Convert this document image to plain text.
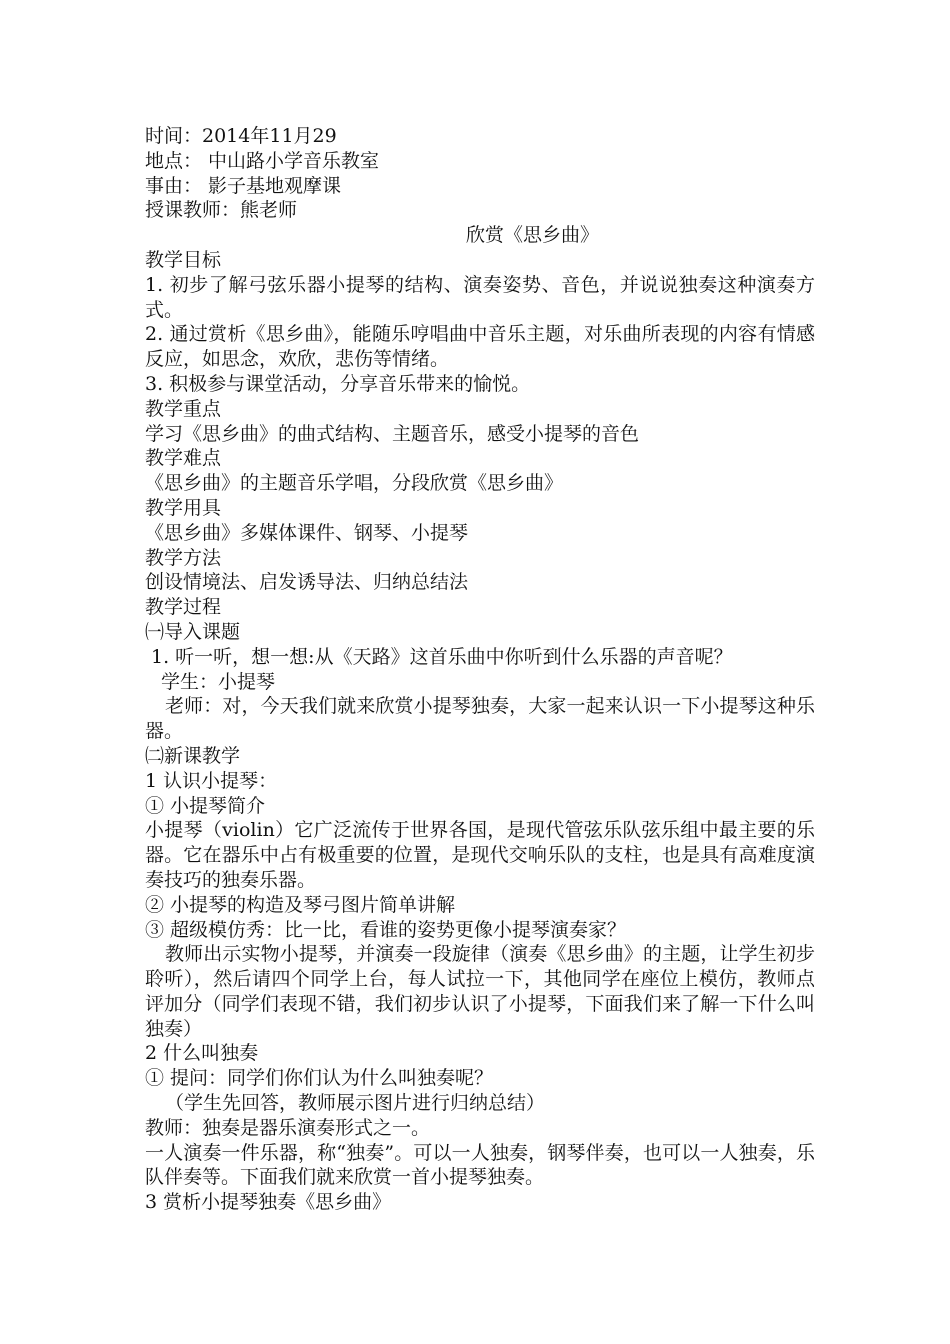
时间：2014年11月29

地点： 中山路小学音乐教室

事由： 影子基地观摩课

授课教师：熊老师

欣赏《思乡曲》

教学目标

1. 初步了解弓弦乐器小提琴的结构、演奏姿势、音色，并说说独奏这种演奏方式。

2. 通过赏析《思乡曲》，能随乐哼唱曲中音乐主题，对乐曲所表现的内容有情感反应，如思念，欢欣，悲伤等情绪。

3. 积极参与课堂活动，分享音乐带来的愉悦。

教学重点

学习《思乡曲》的曲式结构、主题音乐，感受小提琴的音色

教学难点

《思乡曲》的主题音乐学唱，分段欣赏《思乡曲》

教学用具

《思乡曲》多媒体课件、钢琴、小提琴

教学方法

创设情境法、启发诱导法、归纳总结法

教学过程

㈠导入课题

1. 听一听，想一想:从《天路》这首乐曲中你听到什么乐器的声音呢？

学生：小提琴

老师：对，今天我们就来欣赏小提琴独奏，大家一起来认识一下小提琴这种乐器。

㈡新课教学

1 认识小提琴：

① 小提琴简介

小提琴（violin）它广泛流传于世界各国，是现代管弦乐队弦乐组中最主要的乐器。它在器乐中占有极重要的位置，是现代交响乐队的支柱，也是具有高难度演奏技巧的独奏乐器。

② 小提琴的构造及琴弓图片简单讲解

③ 超级模仿秀：比一比，看谁的姿势更像小提琴演奏家？

教师出示实物小提琴，并演奏一段旋律（演奏《思乡曲》的主题，让学生初步聆听），然后请四个同学上台，每人试拉一下，其他同学在座位上模仿，教师点评加分（同学们表现不错，我们初步认识了小提琴，下面我们来了解一下什么叫独奏）

2 什么叫独奏

① 提问：同学们你们认为什么叫独奏呢？

（学生先回答，教师展示图片进行归纳总结）

教师：独奏是器乐演奏形式之一。

一人演奏一件乐器，称“独奏”。可以一人独奏，钢琴伴奏，也可以一人独奏，乐队伴奏等。下面我们就来欣赏一首小提琴独奏。

3 赏析小提琴独奏《思乡曲》
